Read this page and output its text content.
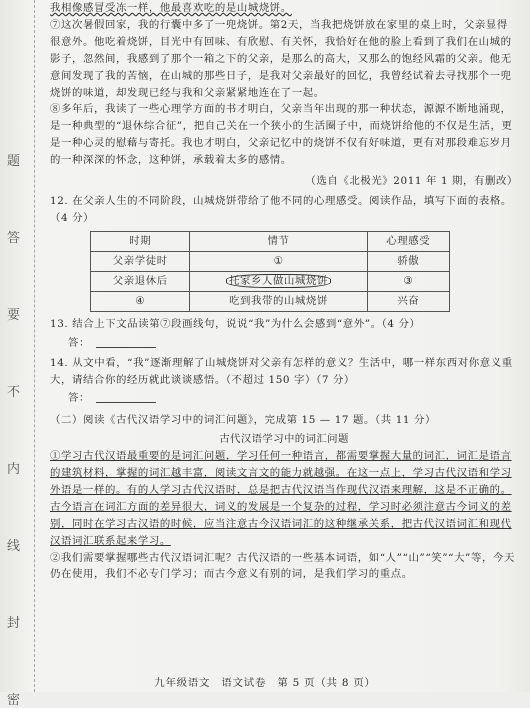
题
答
要
不
内
线
封
密

我相像感冒受冻一样，他最喜欢吃的是山城烧饼。

⑦这次暑假回家，我的行囊中多了一兜烧饼。第2天，当我把烧饼放在家里的桌上时，父亲显得很意外。他吃着烧饼，目光中有回味、有欣慰、有关怀，我恰好在他的脸上看到了我们在山城的影子，忽然间，我感到了那个一箱之下的父亲，是那么的高大，又那么的饱经风霜的父亲。他无意间发现了我的苦恼，在山城的那些日子，是我对父亲最好的回忆，我曾经试着去寻找那个一兜烧饼的味道，却发现已经与我和父亲紧紧地连在了一起。

⑧多年后，我读了一些心理学方面的书才明白，父亲当年出现的那一种状态，源源不断地涌现，是一种典型的“退休综合征”，把自己关在一个狭小的生活圈子中，而烧饼给他的不仅是生活，更是一种心灵的慰藉与寄托。我也才明白，父亲记忆中的烧饼不仅有好味道，更有对那段难忘岁月的一种深深的怀念，这种饼，承载着太多的感情。

（选自《北极光》2011 年 1 期，有删改）

12. 在父亲人生的不同阶段，山城烧饼带给了他不同的心理感受。阅读作品，填写下面的表格。（4 分）

时期	情节	心理感受
父亲学徒时	①	骄傲
父亲退休后	托家乡人做山城烧饼	③
④	吃到我带的山城烧饼	兴奋

13. 结合上下文品读第⑦段画线句，说说“我”为什么会感到“意外”。（4 分）

答：

14. 从文中看，“我”逐渐理解了山城烧饼对父亲有怎样的意义？生活中，哪一样东西对你意义重大，请结合你的经历就此谈谈感悟。（不超过 150 字）（7 分）

答：

（二）阅读《古代汉语学习中的词汇问题》，完成第 15 — 17 题。（共 11 分）

古代汉语学习中的词汇问题

①学习古代汉语最重要的是词汇问题，学习任何一种语言，都需要掌握大量的词汇，词汇是语言的建筑材料，掌握的词汇越丰富，阅读文言文的能力就越强。在这一点上，学习古代汉语和学习外语是一样的。有的人学习古代汉语时，总是把古代汉语当作现代汉语来理解，这是不正确的。古今语言在词汇方面的差异很大，词义的发展是一个复杂的过程，学习时必须注意古今词义的差别，同时在学习古汉语的时候，应当注意古今汉语词汇的这种继承关系，把古代汉语词汇和现代汉语词汇联系起来学习。

②我们需要掌握哪些古代汉语词汇呢？古代汉语的一些基本词语，如“人”“山”“笑”“大”等，今天仍在使用，我们不必专门学习；而古今意义有别的词，是我们学习的重点。

九年级语文　语文试卷　第 5 页（共 8 页）
